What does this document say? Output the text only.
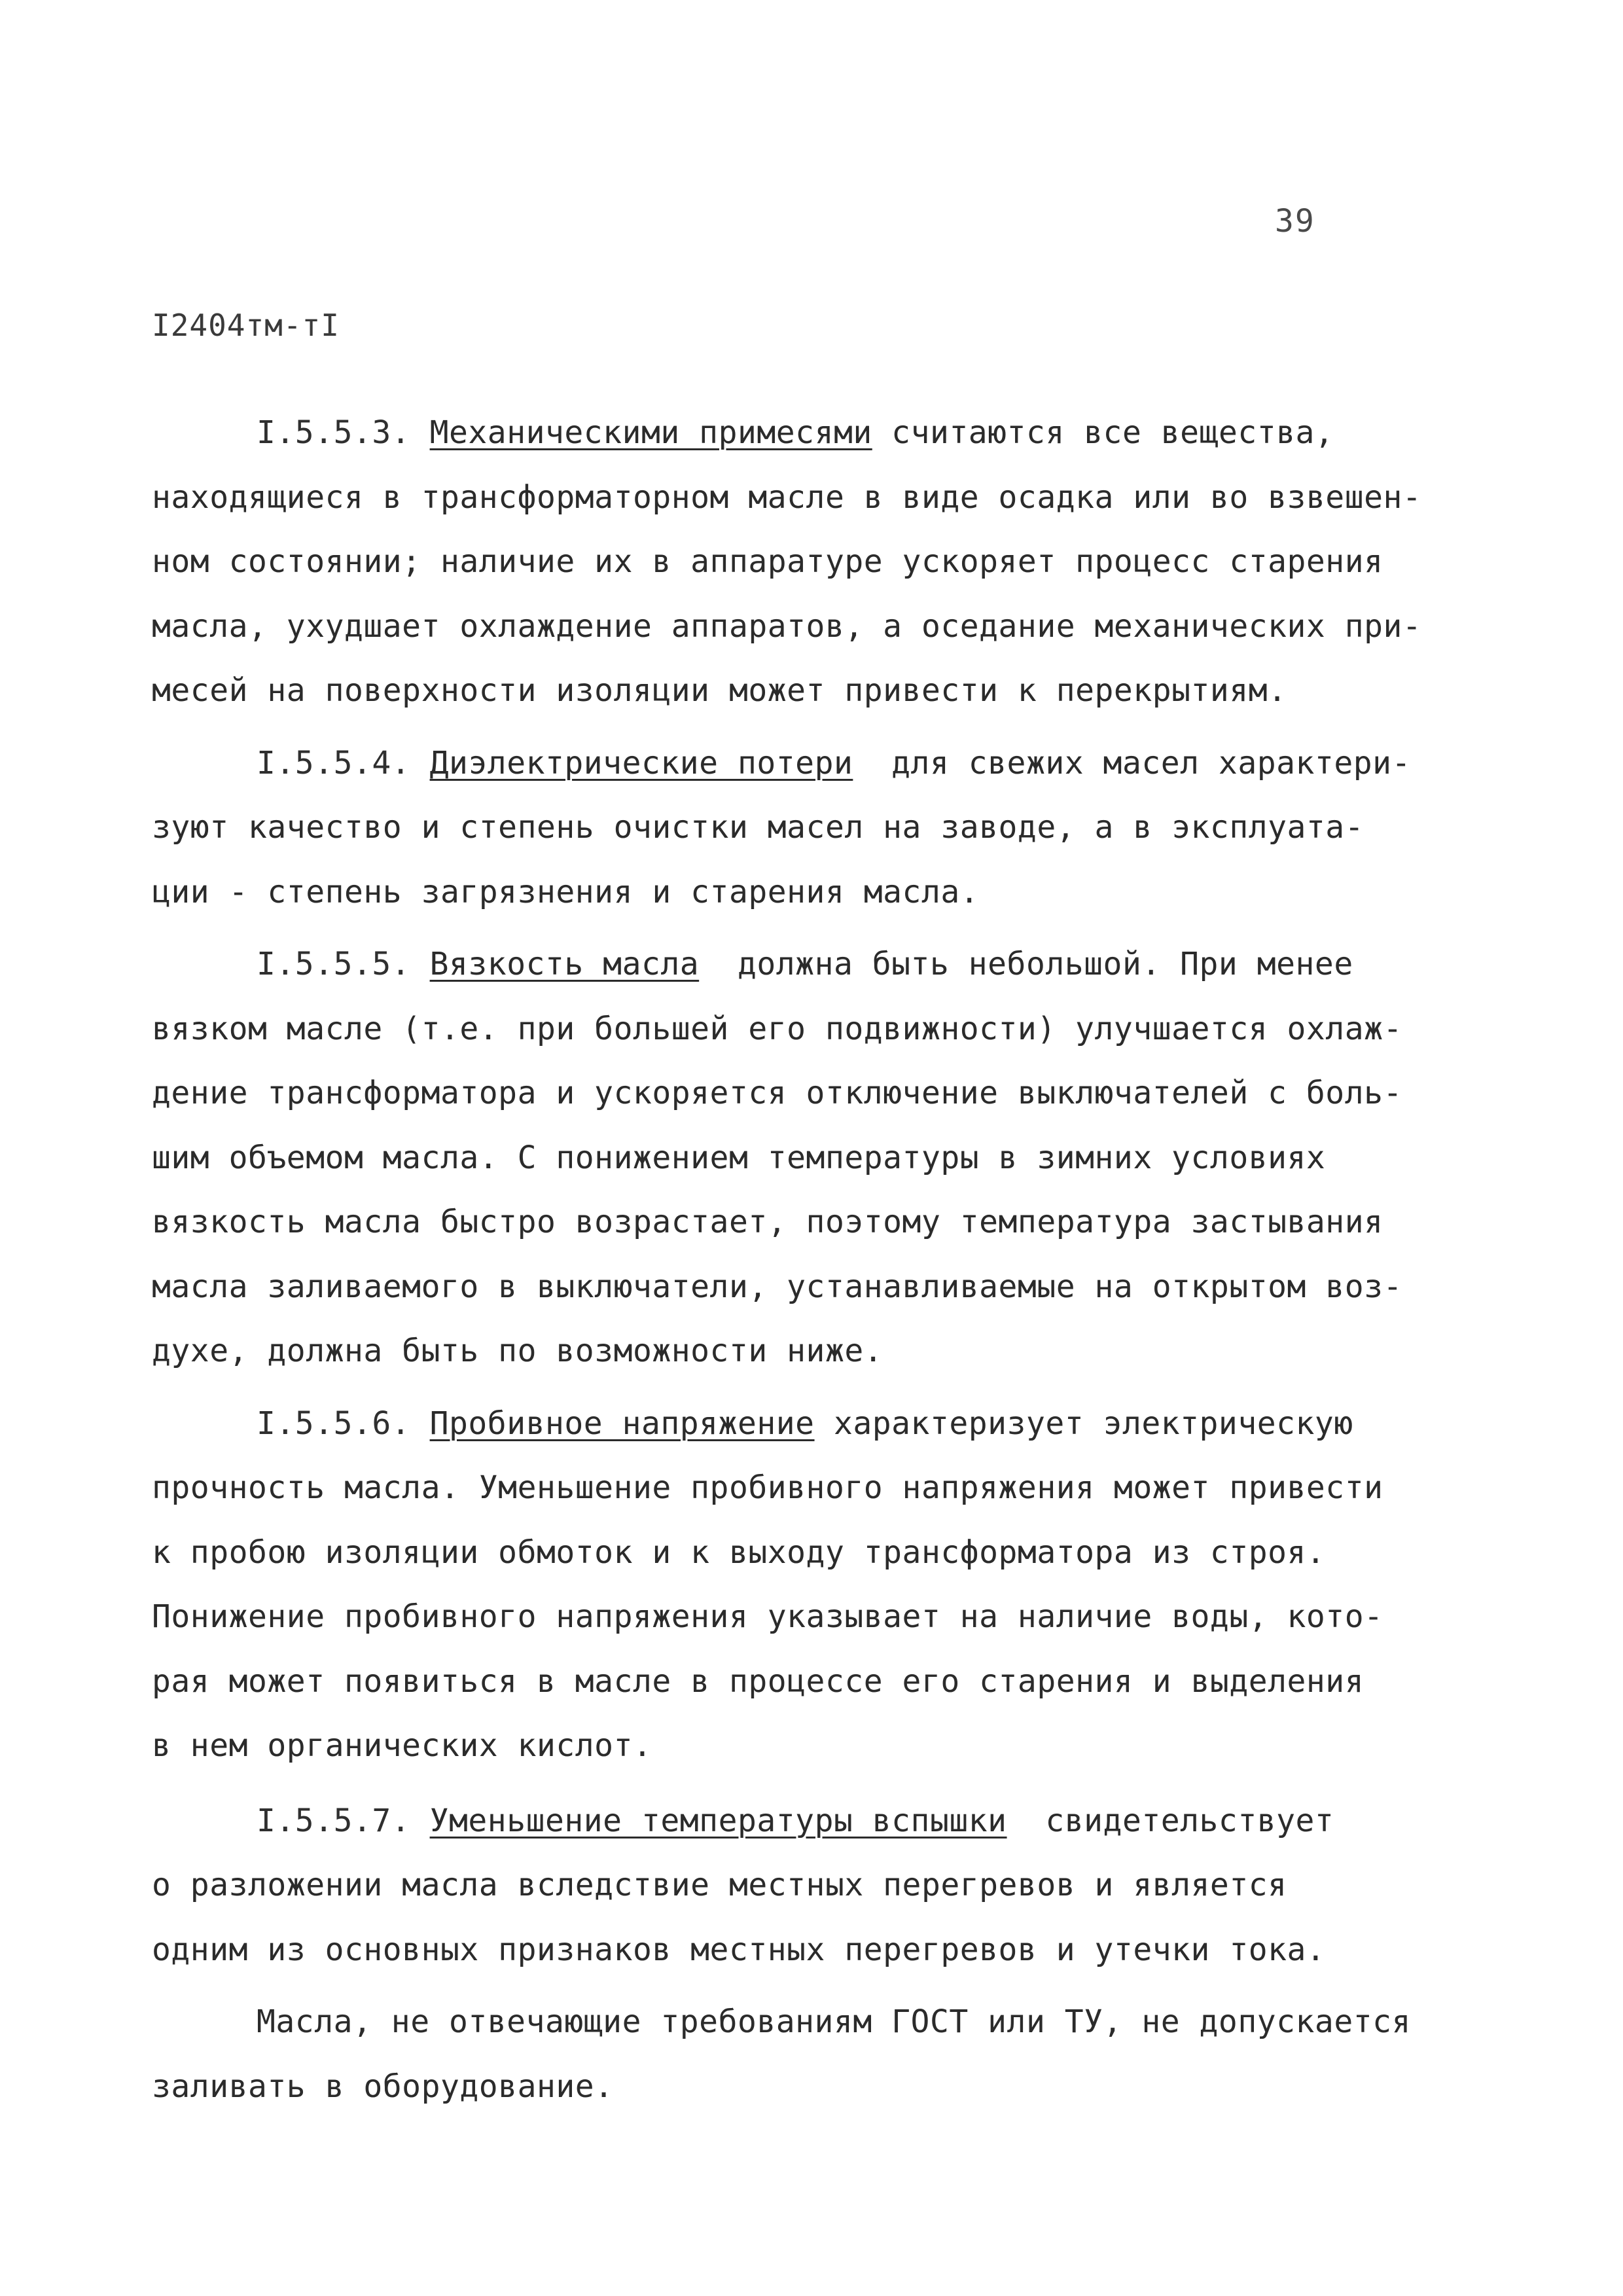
39
I2404тм-тI
I.5.5.3. Механическими примесями считаются все вещества,
находящиеся в трансформаторном масле в виде осадка или во взвешен-
ном состоянии; наличие их в аппаратуре ускоряет процесс старения
масла, ухудшает охлаждение аппаратов, а оседание механических при-
месей на поверхности изоляции может привести к перекрытиям.
I.5.5.4. Диэлектрические потери  для свежих масел характери-
зуют качество и степень очистки масел на заводе, а в эксплуата-
ции - степень загрязнения и старения масла.
I.5.5.5. Вязкость масла  должна быть небольшой. При менее
вязком масле (т.е. при большей его подвижности) улучшается охлаж-
дение трансформатора и ускоряется отключение выключателей с боль-
шим объемом масла. С понижением температуры в зимних условиях
вязкость масла быстро возрастает, поэтому температура застывания
масла заливаемого в выключатели, устанавливаемые на открытом воз-
духе, должна быть по возможности ниже.
I.5.5.6. Пробивное напряжение характеризует электрическую
прочность масла. Уменьшение пробивного напряжения может привести
к пробою изоляции обмоток и к выходу трансформатора из строя.
Понижение пробивного напряжения указывает на наличие воды, кото-
рая может появиться в масле в процессе его старения и выделения
в нем органических кислот.
I.5.5.7. Уменьшение температуры вспышки  свидетельствует
о разложении масла вследствие местных перегревов и является
одним из основных признаков местных перегревов и утечки тока.
Масла, не отвечающие требованиям ГОСТ или ТУ, не допускается
заливать в оборудование.
